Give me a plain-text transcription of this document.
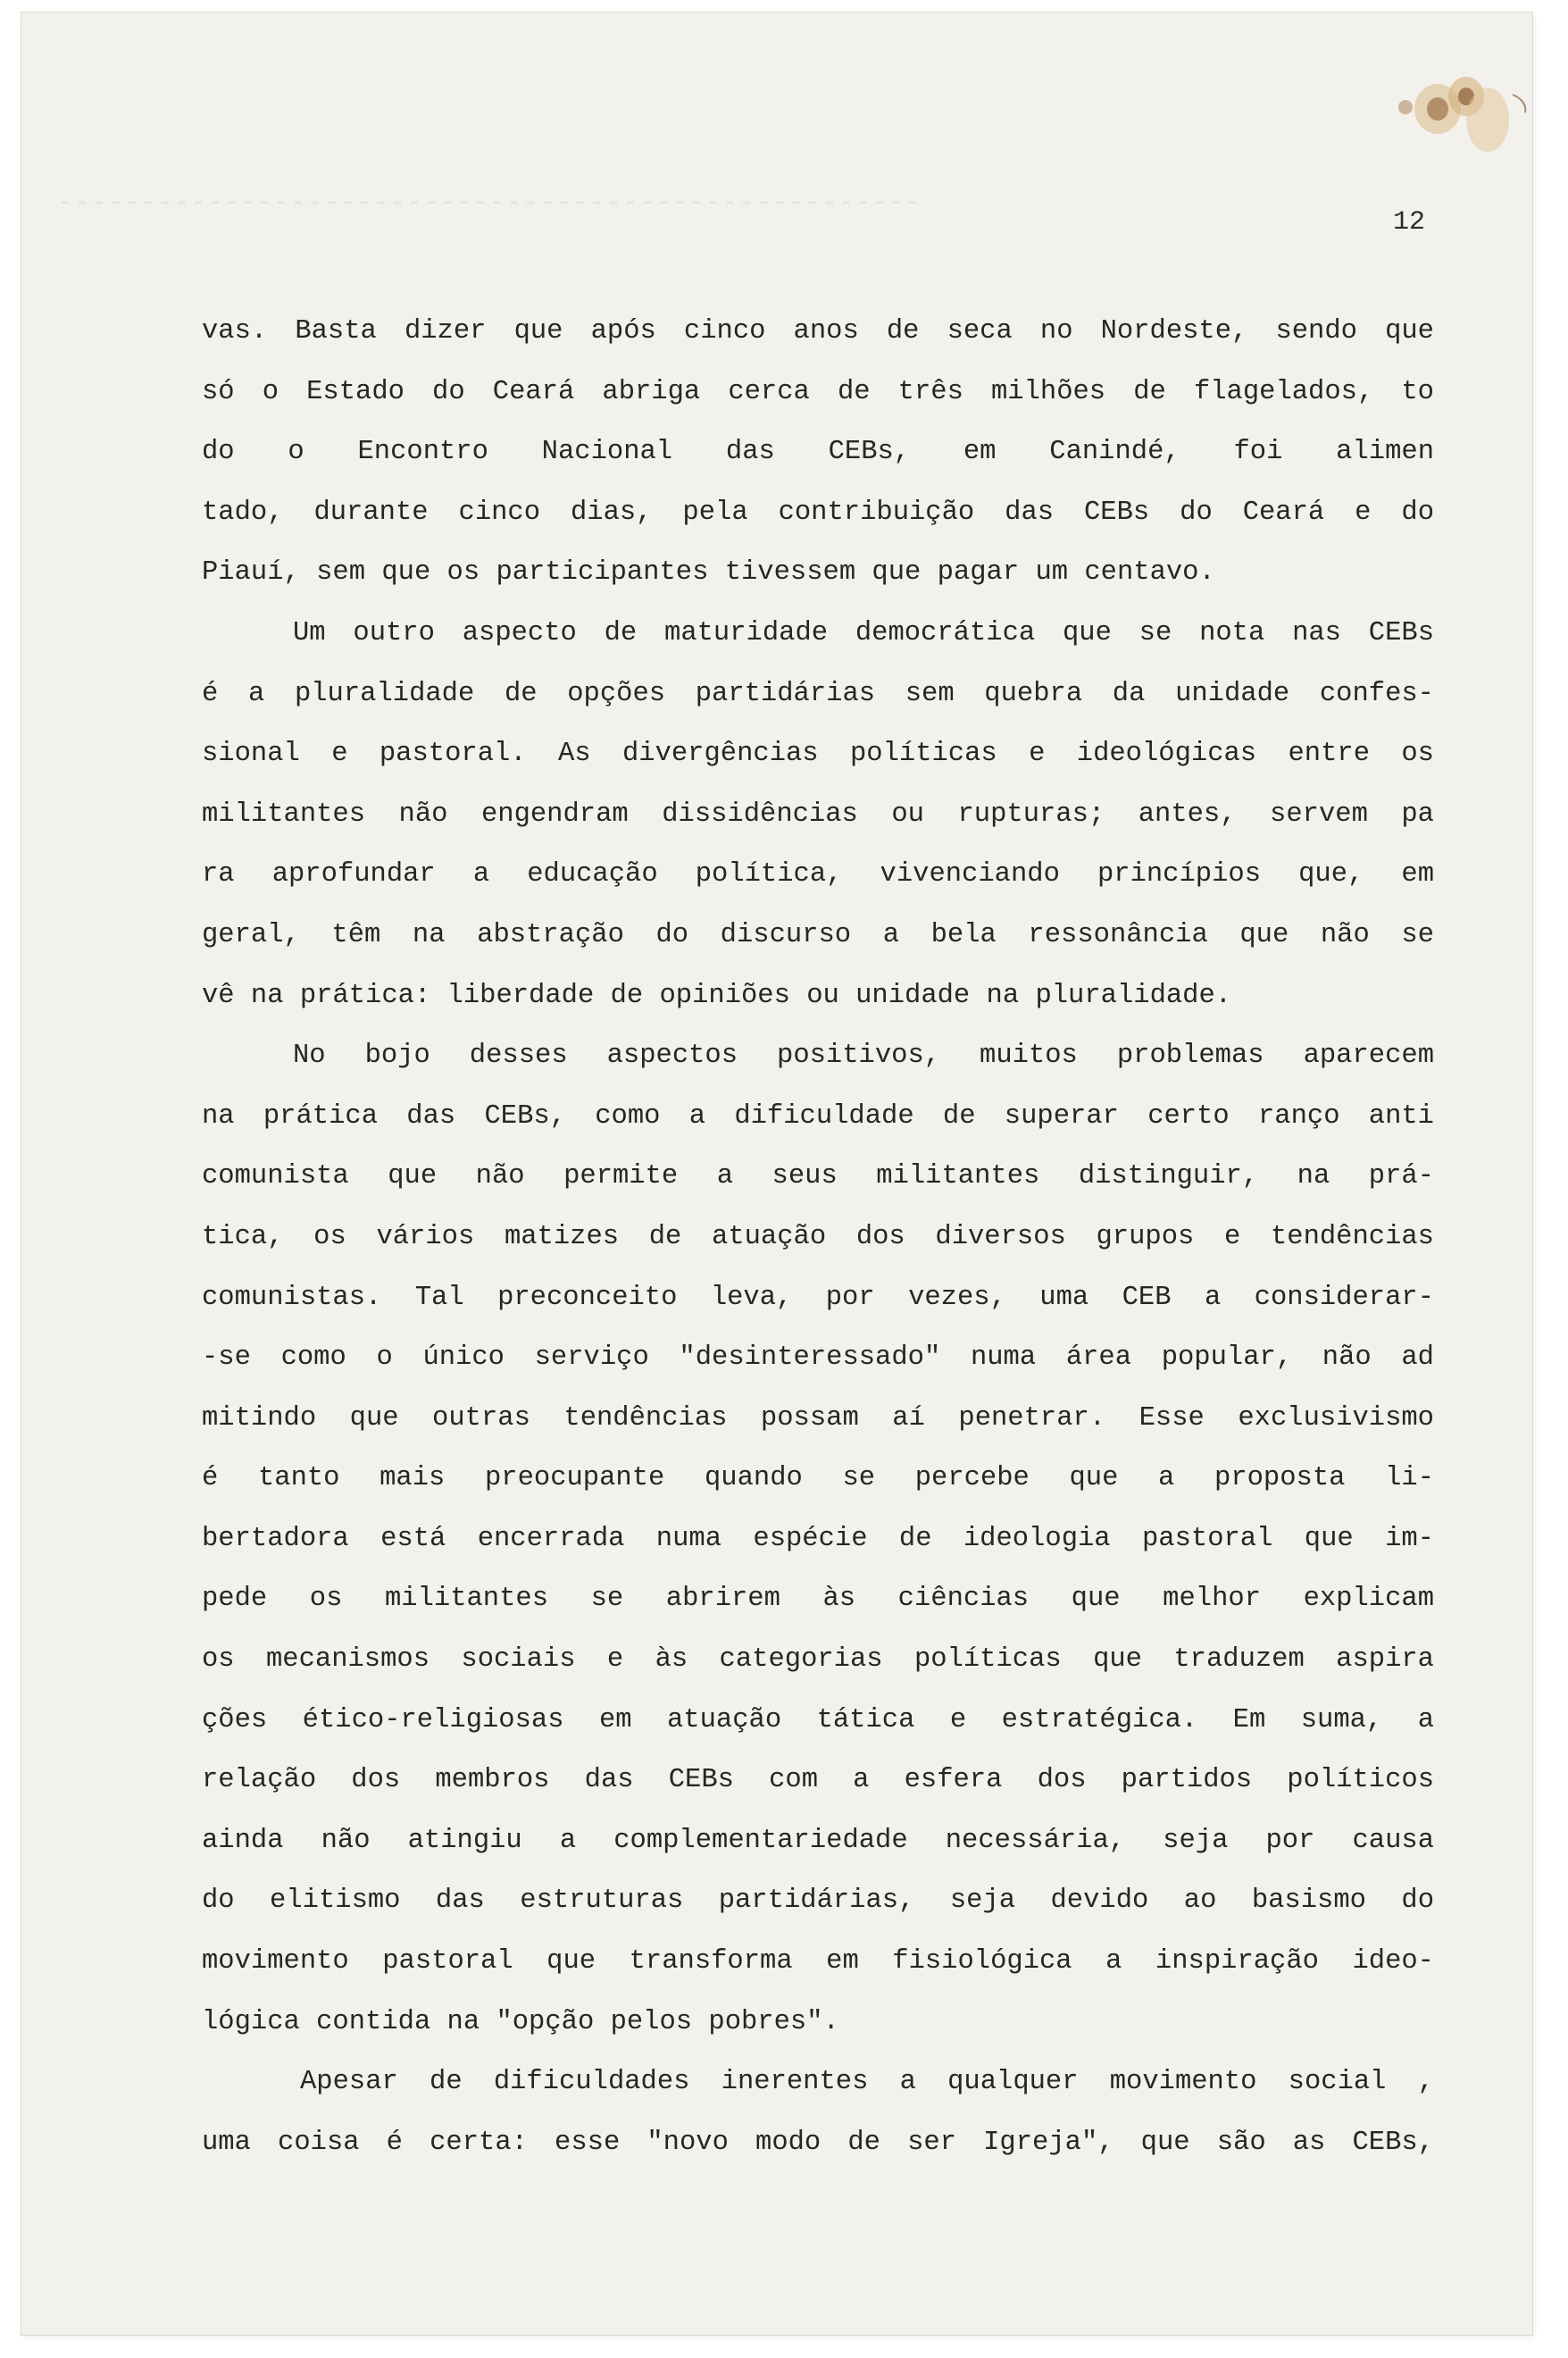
----------------------------------------------------
12
vas. Basta dizer que após cinco anos de seca no Nordeste, sendo que
só o Estado do Ceará abriga cerca de três milhões de flagelados, to
do o Encontro Nacional das CEBs, em Canindé, foi alimen
tado, durante cinco dias, pela contribuição das CEBs do Ceará e do
Piauí, sem que os participantes tivessem que pagar um centavo.
Um outro aspecto de maturidade democrática que se nota nas CEBs
é a pluralidade de opções partidárias sem quebra da unidade confes-
sional e pastoral. As divergências políticas e ideológicas entre os
militantes não engendram dissidências ou rupturas; antes, servem pa
ra aprofundar a educação política, vivenciando princípios que, em
geral, têm na abstração do discurso a bela ressonância que não se
vê na prática: liberdade de opiniões ou unidade na pluralidade.
No bojo desses aspectos positivos, muitos problemas aparecem
na prática das CEBs, como a dificuldade de superar certo ranço anti
comunista que não permite a seus militantes distinguir, na prá-
tica, os vários matizes de atuação dos diversos grupos e tendências
comunistas. Tal preconceito leva, por vezes, uma CEB a considerar-
-se como o único serviço "desinteressado" numa área popular, não ad
mitindo que outras tendências possam aí penetrar. Esse exclusivismo
é tanto mais preocupante quando se percebe que a proposta li-
bertadora está encerrada numa espécie de ideologia pastoral que im-
pede os militantes se abrirem às ciências que melhor explicam
os mecanismos sociais e às categorias políticas que traduzem aspira
ções ético-religiosas em atuação tática e estratégica. Em suma, a
relação dos membros das CEBs com a esfera dos partidos políticos
ainda não atingiu a complementariedade necessária, seja por causa
do elitismo das estruturas partidárias, seja devido ao basismo do
movimento pastoral que transforma em fisiológica a inspiração ideo-
lógica contida na "opção pelos pobres".
Apesar de dificuldades inerentes a qualquer movimento social ,
uma coisa é certa: esse "novo modo de ser Igreja", que são as CEBs,
